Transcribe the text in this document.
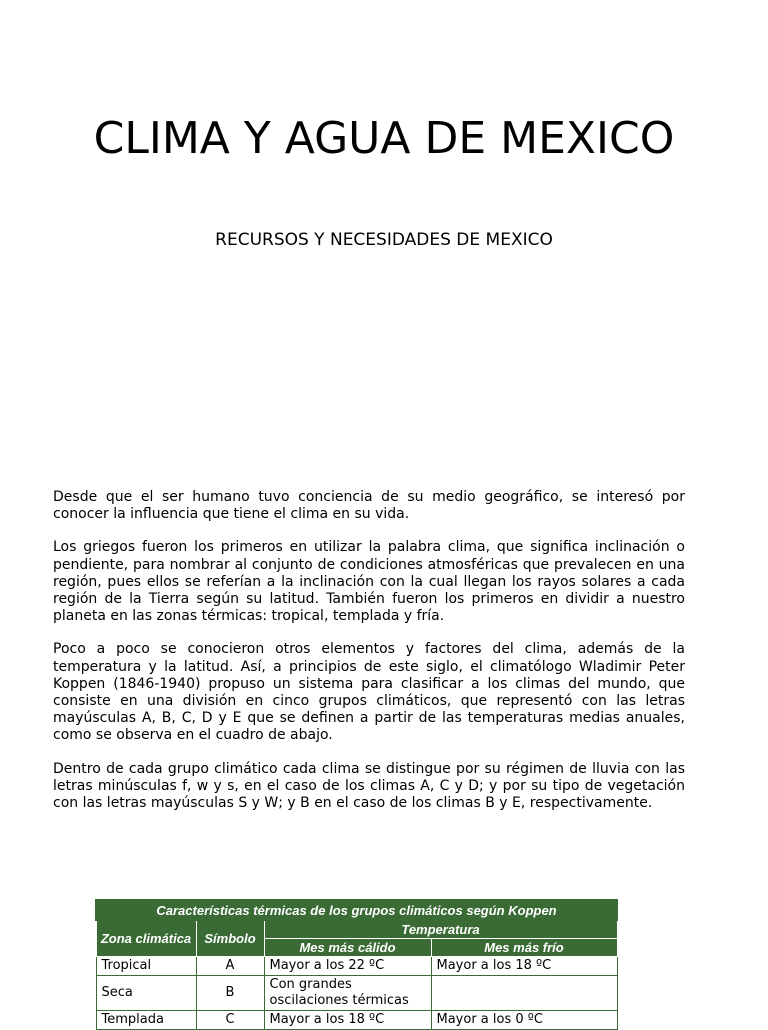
CLIMA Y AGUA DE MEXICO
RECURSOS Y NECESIDADES DE MEXICO

Desde que el ser humano tuvo conciencia de su medio geográfico, se interesó por conocer la influencia que tiene el clima en su vida.

Los griegos fueron los primeros en utilizar la palabra clima, que significa inclinación o pendiente, para nombrar al conjunto de condiciones atmosféricas que prevalecen en una región, pues ellos se referían a la inclinación con la cual llegan los rayos solares a cada región de la Tierra según su latitud. También fueron los primeros en dividir a nuestro planeta en las zonas térmicas: tropical, templada y fría.

Poco a poco se conocieron otros elementos y factores del clima, además de la temperatura y la latitud. Así, a principios de este siglo, el climatólogo Wladimir Peter Koppen (1846-1940) propuso un sistema para clasificar a los climas del mundo, que consiste en una división en cinco grupos climáticos, que representó con las letras mayúsculas A, B, C, D y E que se definen a partir de las temperaturas medias anuales, como se observa en el cuadro de abajo.

Dentro de cada grupo climático cada clima se distingue por su régimen de lluvia con las letras minúsculas f, w y s, en el caso de los climas A, C y D; y por su tipo de vegetación con las letras mayúsculas S y W; y B en el caso de los climas B y E, respectivamente.

Características térmicas de los grupos climáticos según Koppen			
Zona climática	Símbolo	Temperatura	
		Mes más cálido	Mes más frío
Tropical	A	Mayor a los 22 ºC	Mayor a los 18 ºC
Seca	B	Con grandes oscilaciones térmicas	
Templada	C	Mayor a los 18 ºC	Mayor a los 0 ºC
